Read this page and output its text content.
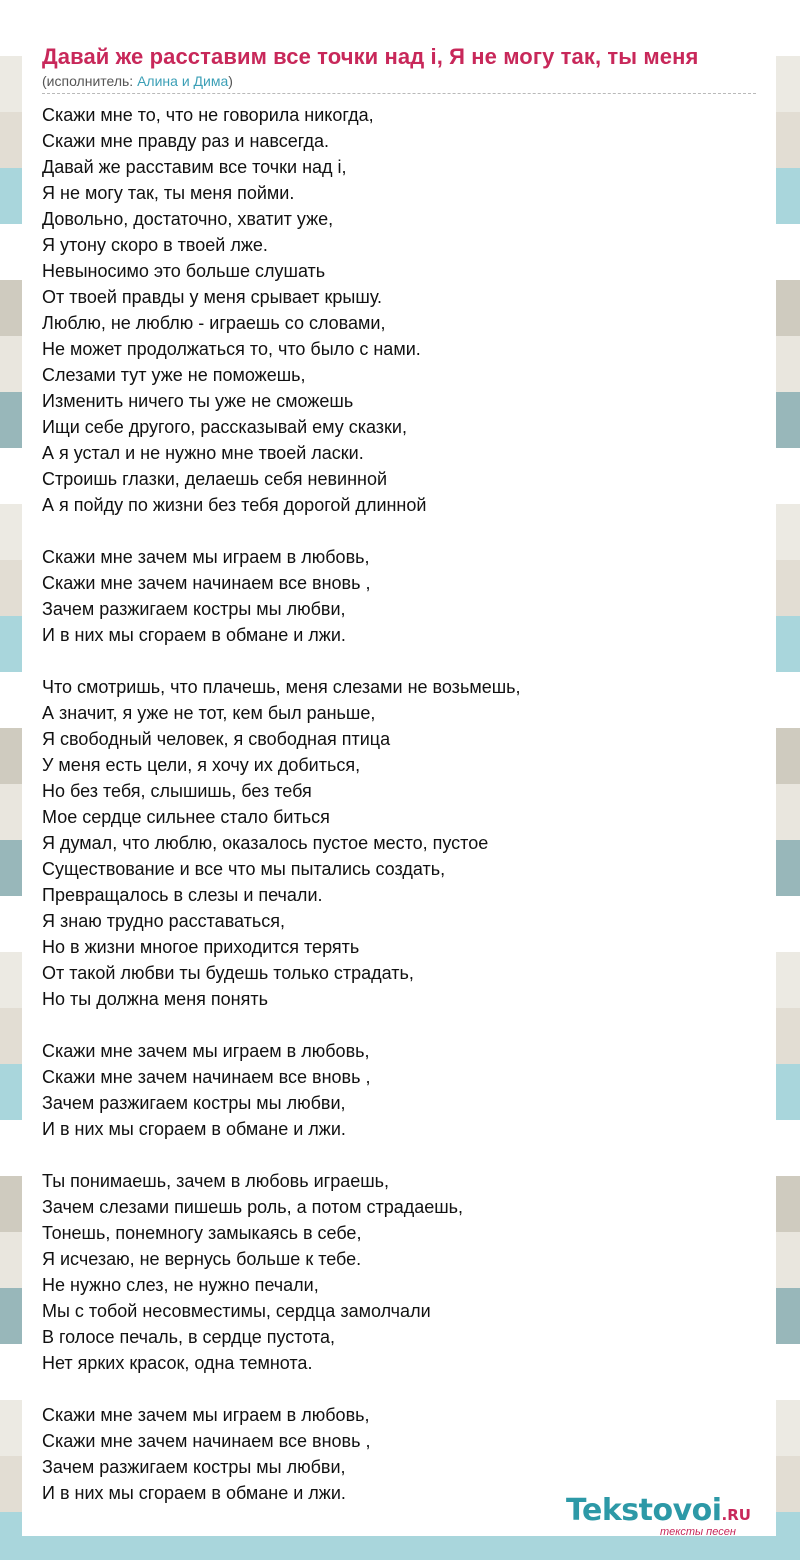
Давай же расставим все точки над i, Я не могу так, ты меня
(исполнитель: Алина и Дима)
Скажи мне то, что не говорила никогда,
Скажи мне правду раз и навсегда.
Давай же расставим все точки над i,
Я не могу так, ты меня пойми.
Довольно, достаточно, хватит уже,
Я утону скоро в твоей лже.
Невыносимо это больше слушать
От твоей правды у меня срывает крышу.
Люблю, не люблю - играешь со словами,
Не может продолжаться то, что было с нами.
Слезами тут уже не поможешь,
Изменить ничего ты уже не сможешь
Ищи себе другого, рассказывай ему сказки,
А я устал и не нужно мне твоей ласки.
Строишь глазки, делаешь себя невинной
А я пойду по жизни без тебя дорогой длинной
Скажи мне зачем мы играем в любовь,
Скажи мне зачем начинаем все вновь ,
Зачем разжигаем костры мы любви,
И в них мы сгораем в обмане и лжи.
Что смотришь, что плачешь, меня слезами не возьмешь,
А значит, я уже не тот, кем был раньше,
Я свободный человек, я свободная птица
У меня есть цели, я хочу их добиться,
Но без тебя, слышишь, без тебя
Мое сердце сильнее стало биться
Я думал, что люблю, оказалось пустое место, пустое
Существование и все что мы пытались создать,
Превращалось в слезы и печали.
Я знаю трудно расставаться,
Но в жизни многое приходится терять
От такой любви ты будешь только страдать,
Но ты должна меня понять
Скажи мне зачем мы играем в любовь,
Скажи мне зачем начинаем все вновь ,
Зачем разжигаем костры мы любви,
И в них мы сгораем в обмане и лжи.
Ты понимаешь, зачем в любовь играешь,
Зачем слезами пишешь роль, а потом страдаешь,
Тонешь, понемногу замыкаясь в себе,
Я исчезаю, не вернусь больше к тебе.
Не нужно слез, не нужно печали,
Мы с тобой несовместимы, сердца замолчали
В голосе печаль, в сердце пустота,
Нет ярких красок, одна темнота.
Скажи мне зачем мы играем в любовь,
Скажи мне зачем начинаем все вновь ,
Зачем разжигаем костры мы любви,
И в них мы сгораем в обмане и лжи.	Tekstovoi.RU
тексты песен
